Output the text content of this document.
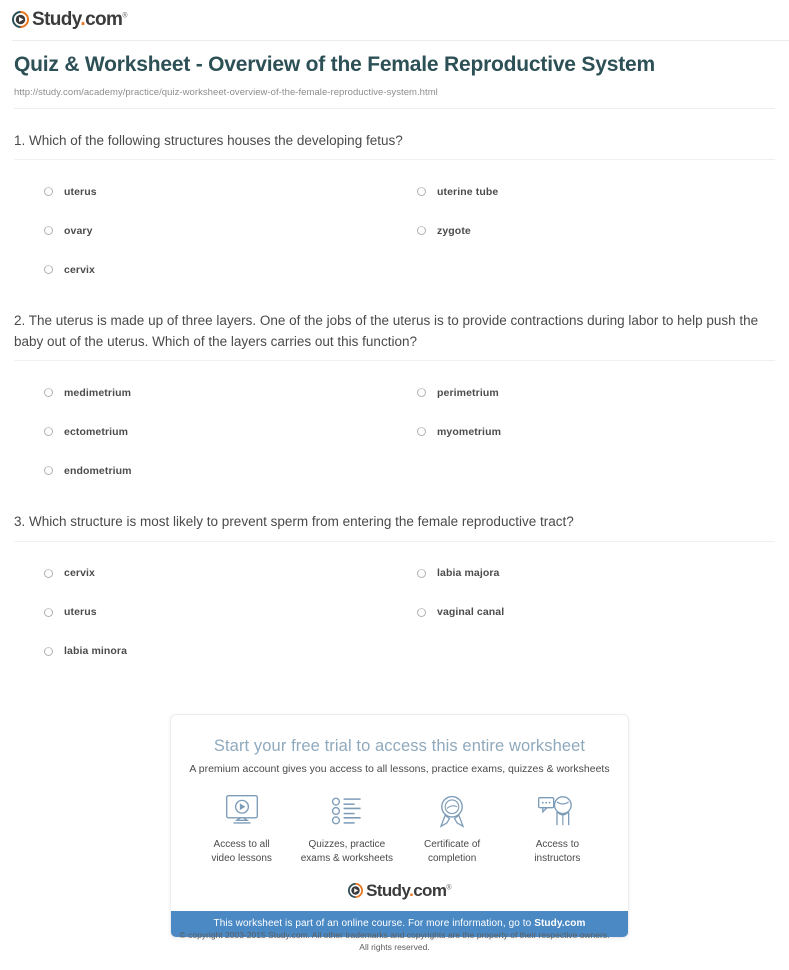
Study.com®
Quiz & Worksheet - Overview of the Female Reproductive System

http://study.com/academy/practice/quiz-worksheet-overview-of-the-female-reproductive-system.html

1. Which of the following structures houses the developing fetus?

uterus
ovary
cervix
uterine tube
zygote

2. The uterus is made up of three layers. One of the jobs of the uterus is to provide contractions during labor to help push the baby out of the uterus. Which of the layers carries out this function?

medimetrium
ectometrium
endometrium
perimetrium
myometrium

3. Which structure is most likely to prevent sperm from entering the female reproductive tract?

cervix
uterus
labia minora
labia majora
vaginal canal
Start your free trial to access this entire worksheet

A premium account gives you access to all lessons, practice exams, quizzes & worksheets

Access to all
video lessons
Quizzes, practice
exams & worksheets
Certificate of
completion
Access to
instructors
Study.com®
This worksheet is part of an online course. For more information, go to Study.com
© copyright 2003-2015 Study.com. All other trademarks and copyrights are the property of their respective owners.
All rights reserved.
